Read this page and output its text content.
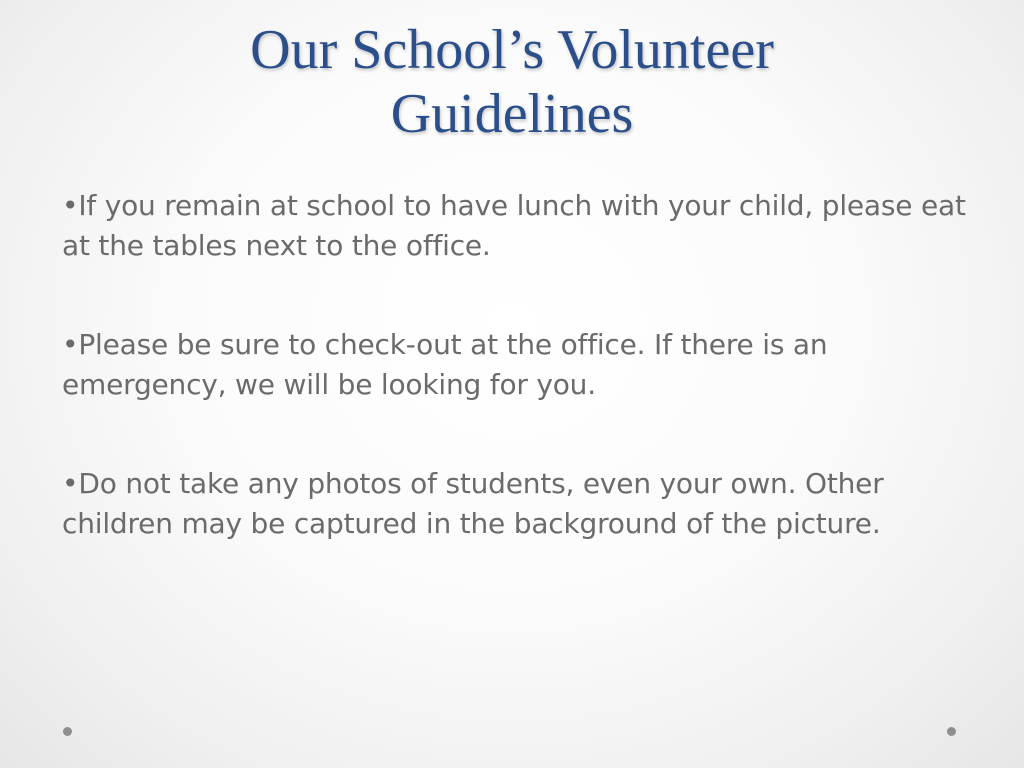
Our School’s Volunteer
Guidelines
•If you remain at school to have lunch with your child, please eat at the tables next to the office.
•Please be sure to check-out at the office. If there is an emergency, we will be looking for you.
•Do not take any photos of students, even your own. Other children may be captured in the background of the picture.
